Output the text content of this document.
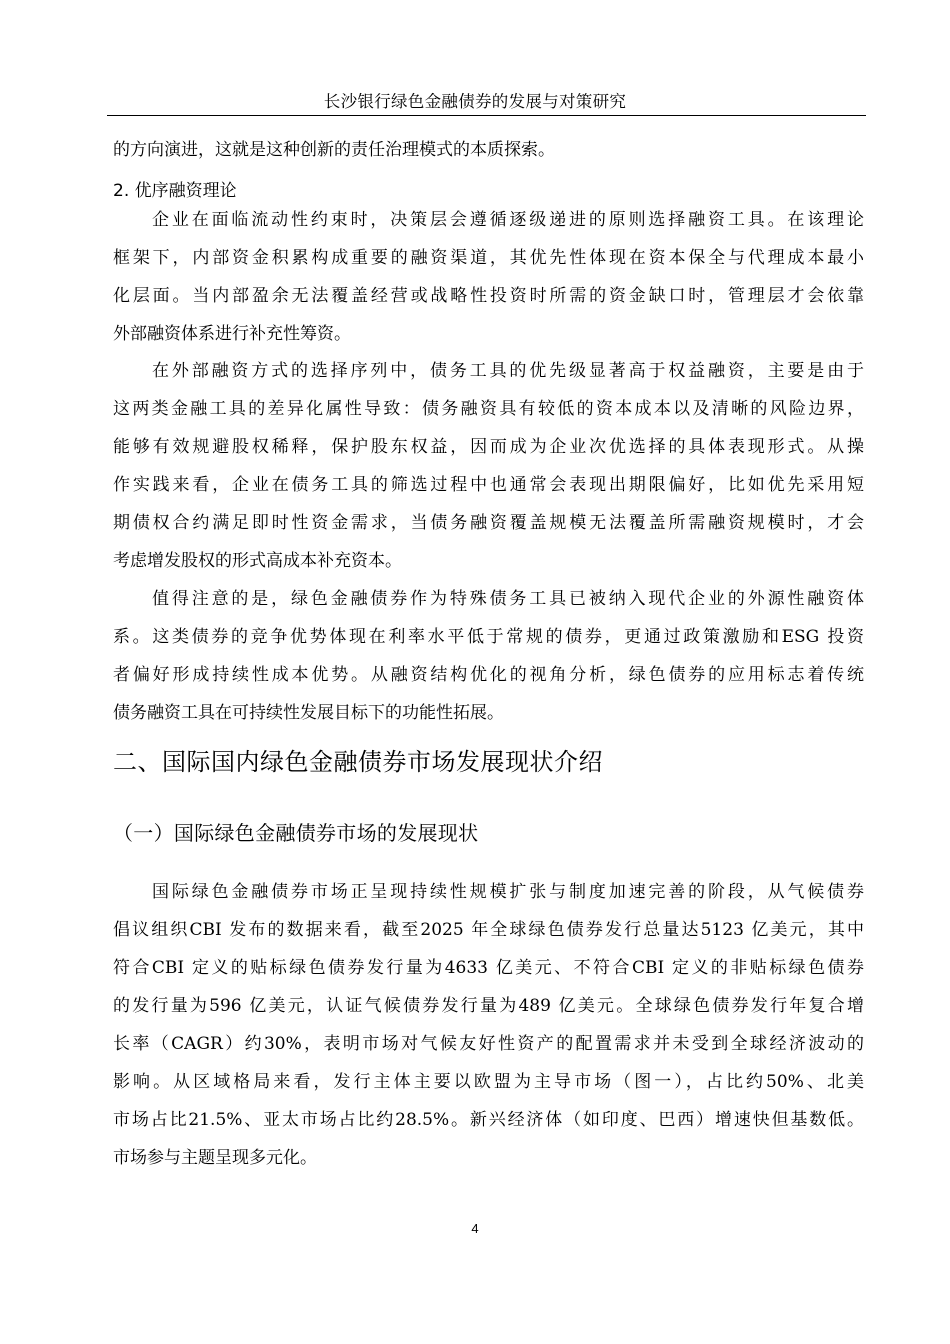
长沙银行绿色金融债券的发展与对策研究
的方向演进，这就是这种创新的责任治理模式的本质探索。
2. 优序融资理论
企业在面临流动性约束时，决策层会遵循逐级递进的原则选择融资工具。在该理论
框架下，内部资金积累构成重要的融资渠道，其优先性体现在资本保全与代理成本最小
化层面。当内部盈余无法覆盖经营或战略性投资时所需的资金缺口时，管理层才会依靠
外部融资体系进行补充性筹资。
在外部融资方式的选择序列中，债务工具的优先级显著高于权益融资，主要是由于
这两类金融工具的差异化属性导致：债务融资具有较低的资本成本以及清晰的风险边界，
能够有效规避股权稀释，保护股东权益，因而成为企业次优选择的具体表现形式。从操
作实践来看，企业在债务工具的筛选过程中也通常会表现出期限偏好，比如优先采用短
期债权合约满足即时性资金需求，当债务融资覆盖规模无法覆盖所需融资规模时，才会
考虑增发股权的形式高成本补充资本。
值得注意的是，绿色金融债券作为特殊债务工具已被纳入现代企业的外源性融资体
系。这类债券的竞争优势体现在利率水平低于常规的债券，更通过政策激励和ESG 投资
者偏好形成持续性成本优势。从融资结构优化的视角分析，绿色债券的应用标志着传统
债务融资工具在可持续性发展目标下的功能性拓展。
二、国际国内绿色金融债券市场发展现状介绍
（一）国际绿色金融债券市场的发展现状
国际绿色金融债券市场正呈现持续性规模扩张与制度加速完善的阶段，从气候债券
倡议组织CBI 发布的数据来看，截至2025 年全球绿色债券发行总量达5123 亿美元，其中
符合CBI 定义的贴标绿色债券发行量为4633 亿美元、不符合CBI 定义的非贴标绿色债券
的发行量为596 亿美元，认证气候债券发行量为489 亿美元。全球绿色债券发行年复合增
长率（CAGR）约30%，表明市场对气候友好性资产的配置需求并未受到全球经济波动的
影响。从区域格局来看，发行主体主要以欧盟为主导市场（图一），占比约50%、北美
市场占比21.5%、亚太市场占比约28.5%。新兴经济体（如印度、巴西）增速快但基数低。
市场参与主题呈现多元化。
4
